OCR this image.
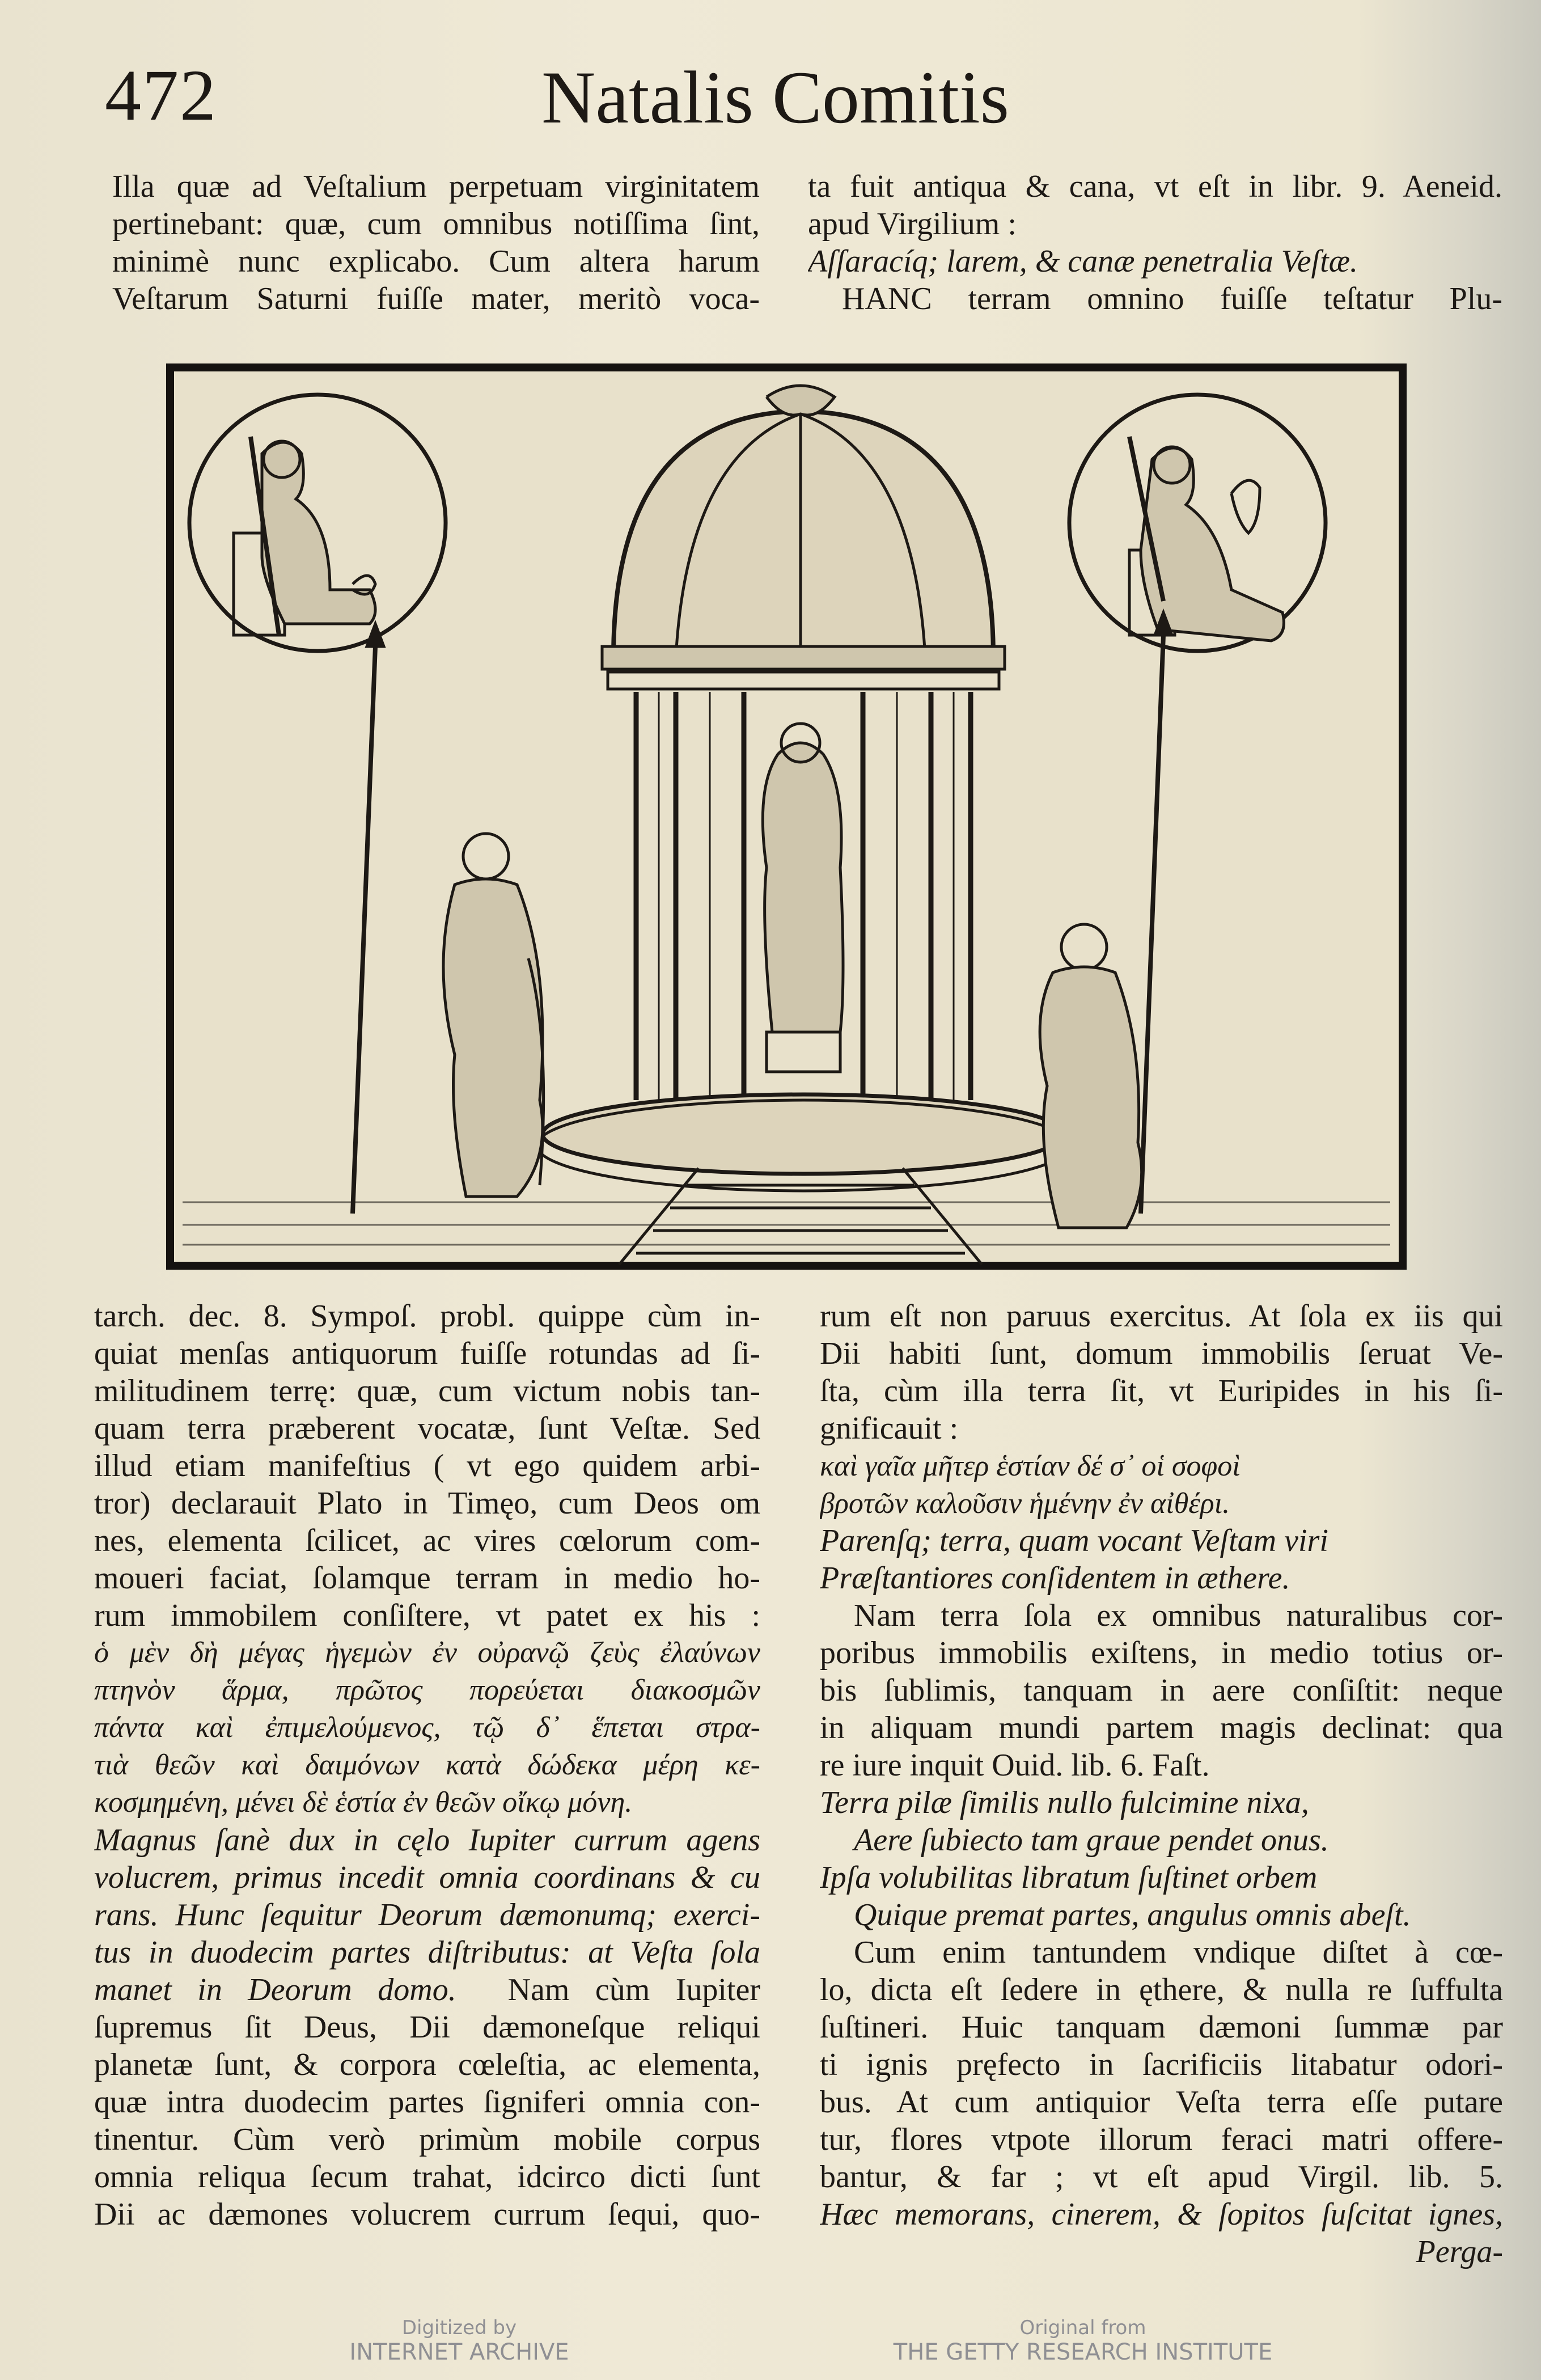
472	Natalis Comitis
Illa quæ ad Veſtalium perpetuam virginitatem
pertinebant: quæ, cum omnibus notiſſima ſint,
minimè nunc explicabo. Cum altera harum
Veſtarum Saturni fuiſſe mater, meritò voca-
ta fuit antiqua & cana, vt eſt in libr. 9. Aeneid.
apud Virgilium :
Aſſaracíq; larem, & canæ penetralia Veſtæ.
HANC terram omnino fuiſſe teſtatur Plu-
tarch. dec. 8. Sympoſ. probl. quippe cùm in-
quiat menſas antiquorum fuiſſe rotundas ad ſi-
militudinem terrę: quæ, cum victum nobis tan-
quam terra præberent vocatæ, ſunt Veſtæ. Sed
illud etiam manifeſtius ( vt ego quidem arbi-
tror) declarauit Plato in Timęo, cum Deos om
nes, elementa ſcilicet, ac vires cœlorum com-
moueri faciat, ſolamque terram in medio ho-
rum immobilem conſiſtere, vt patet ex his :
ὁ μὲν δὴ μέγας ἡγεμὼν ἐν οὐρανῷ ζεὺς ἐλαύνων
πτηνὸν ἅρμα, πρῶτος πορεύεται διακοσμῶν
πάντα καὶ ἐπιμελούμενος, τῷ δ᾽ ἕπεται στρα-
τιὰ θεῶν καὶ δαιμόνων κατὰ δώδεκα μέρη κε-
κοσμημένη, μένει δὲ ἑστία ἐν θεῶν οἴκῳ μόνη.
Magnus ſanè dux in cęlo Iupiter currum agens
volucrem, primus incedit omnia coordinans & cu
rans. Hunc ſequitur Deorum dæmonumq; exerci-
tus in duodecim partes diſtributus: at Veſta ſola
manet in Deorum domo. Nam cùm Iupiter
ſupremus ſit Deus, Dii dæmoneſque reliqui
planetæ ſunt, & corpora cœleſtia, ac elementa,
quæ intra duodecim partes ſigniferi omnia con-
tinentur. Cùm verò primùm mobile corpus
omnia reliqua ſecum trahat, idcirco dicti ſunt
Dii ac dæmones volucrem currum ſequi, quo-
rum eſt non paruus exercitus. At ſola ex iis qui
Dii habiti ſunt, domum immobilis ſeruat Ve-
ſta, cùm illa terra ſit, vt Euripides in his ſi-
gnificauit :
καὶ γαῖα μῆτερ ἑστίαν δέ σ᾽ οἱ σοφοὶ
βροτῶν καλοῦσιν ἡμένην ἐν αἰθέρι.
Parenſq; terra, quam vocant Veſtam viri
Præſtantiores conſidentem in æthere.
Nam terra ſola ex omnibus naturalibus cor-
poribus immobilis exiſtens, in medio totius or-
bis ſublimis, tanquam in aere conſiſtit: neque
in aliquam mundi partem magis declinat: qua
re iure inquit Ouid. lib. 6. Faſt.
Terra pilæ ſimilis nullo fulcimine nixa,
Aere ſubiecto tam graue pendet onus.
Ipſa volubilitas libratum ſuſtinet orbem
Quique premat partes, angulus omnis abeſt.
Cum enim tantundem vndique diſtet à cœ-
lo, dicta eſt ſedere in ęthere, & nulla re ſuffulta
ſuſtineri. Huic tanquam dæmoni ſummæ par
ti ignis pręfecto in ſacrificiis litabatur odori-
bus. At cum antiquior Veſta terra eſſe putare
tur, flores vtpote illorum feraci matri offere-
bantur, & far ; vt eſt apud Virgil. lib. 5.
Hæc memorans, cinerem, & ſopitos ſuſcitat ignes,
Perga-
Digitized by
INTERNET ARCHIVE
Original from
THE GETTY RESEARCH INSTITUTE
